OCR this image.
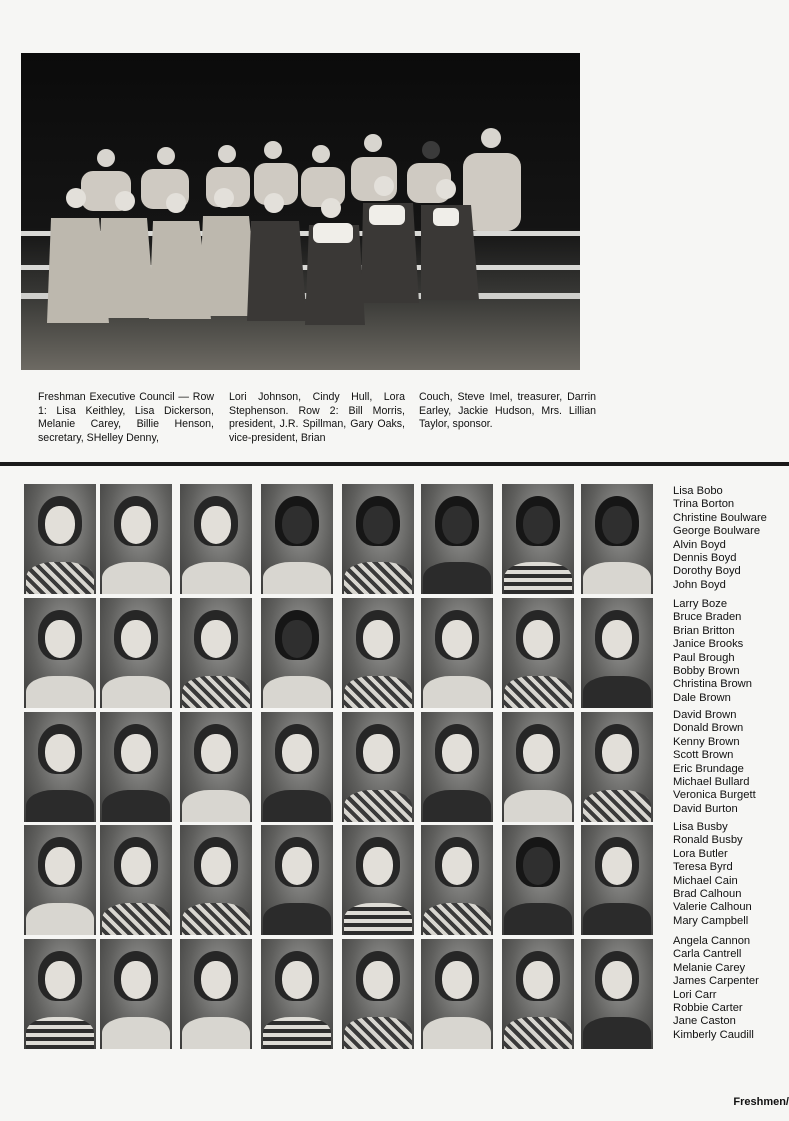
Freshman Executive Council — Row 1: Lisa Keithley, Lisa Dickerson, Melanie Carey, Billie Henson, secretary, SHelley Denny,

Lori Johnson, Cindy Hull, Lora Stephenson. Row 2: Bill Morris, president, J.R. Spillman, Gary Oaks, vice-president, Brian

Couch, Steve Imel, treasurer, Darrin Earley, Jackie Hudson, Mrs. Lillian Taylor, sponsor.

Lisa Bobo
Trina Borton
Christine Boulware
George Boulware
Alvin Boyd
Dennis Boyd
Dorothy Boyd
John Boyd
Larry Boze
Bruce Braden
Brian Britton
Janice Brooks
Paul Brough
Bobby Brown
Christina Brown
Dale Brown
David Brown
Donald Brown
Kenny Brown
Scott Brown
Eric Brundage
Michael Bullard
Veronica Burgett
David Burton
Lisa Busby
Ronald Busby
Lora Butler
Teresa Byrd
Michael Cain
Brad Calhoun
Valerie Calhoun
Mary Campbell
Angela Cannon
Carla Cantrell
Melanie Carey
James Carpenter
Lori Carr
Robbie Carter
Jane Caston
Kimberly Caudill
Freshmen/
